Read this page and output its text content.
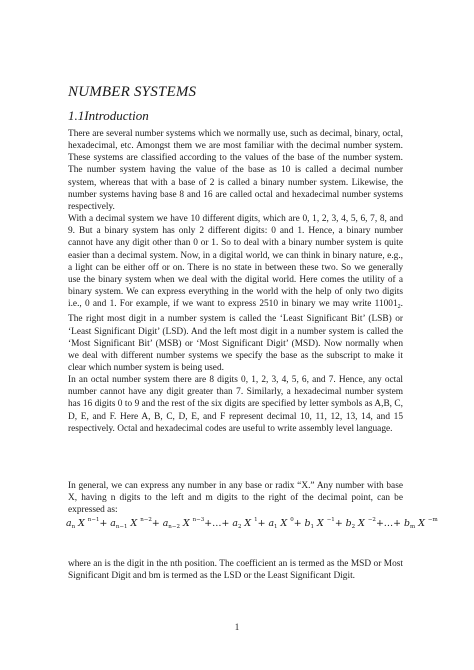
NUMBER SYSTEMS
1.1Introduction

There are several number systems which we normally use, such as decimal, binary, octal, hexadecimal, etc. Amongst them we are most familiar with the decimal number system. These systems are classified according to the values of the base of the number system. The number system having the value of the base as 10 is called a decimal number system, whereas that with a base of 2 is called a binary number system. Likewise, the number systems having base 8 and 16 are called octal and hexadecimal number systems respectively.

With a decimal system we have 10 different digits, which are 0, 1, 2, 3, 4, 5, 6, 7, 8, and 9. But a binary system has only 2 different digits: 0 and 1. Hence, a binary number cannot have any digit other than 0 or 1. So to deal with a binary number system is quite easier than a decimal system. Now, in a digital world, we can think in binary nature, e.g., a light can be either off or on. There is no state in between these two. So we generally use the binary system when we deal with the digital world. Here comes the utility of a binary system. We can express everything in the world with the help of only two digits i.e., 0 and 1. For example, if we want to express 2510 in binary we may write $11001_2$. The right most digit in a number system is called the ‘Least Significant Bit’ (LSB) or ‘Least Significant Digit’ (LSD). And the left most digit in a number system is called the ‘Most Significant Bit’ (MSB) or ‘Most Significant Digit’ (MSD). Now normally when we deal with different number systems we specify the base as the subscript to make it clear which number system is being used.

In an octal number system there are 8 digits 0, 1, 2, 3, 4, 5, 6, and 7. Hence, any octal number cannot have any digit greater than 7. Similarly, a hexadecimal number system has 16 digits 0 to 9 and the rest of the six digits are specified by letter symbols as A,B, C, D, E, and F. Here A, B, C, D, E, and F represent decimal 10, 11, 12, 13, 14, and 15 respectively. Octal and hexadecimal codes are useful to write assembly level language.

In general, we can express any number in any base or radix “X.” Any number with base X, having n digits to the left and m digits to the right of the decimal point, can be expressed as:
$a_n$ X $^{n-1}+ a_{n-1}$ X $^{n-2}+ a_{n-2}$ X $^{n-3}$+…+ $a_2$ X $^1+ a_1$ X $^0+ b_1$ X $^{-1}+ b_2$ X $^{-2}$+…+ $b_m$ X $^{-m}$
where an is the digit in the nth position. The coefficient an is termed as the MSD or Most Significant Digit and bm is termed as the LSD or the Least Significant Digit.
1
